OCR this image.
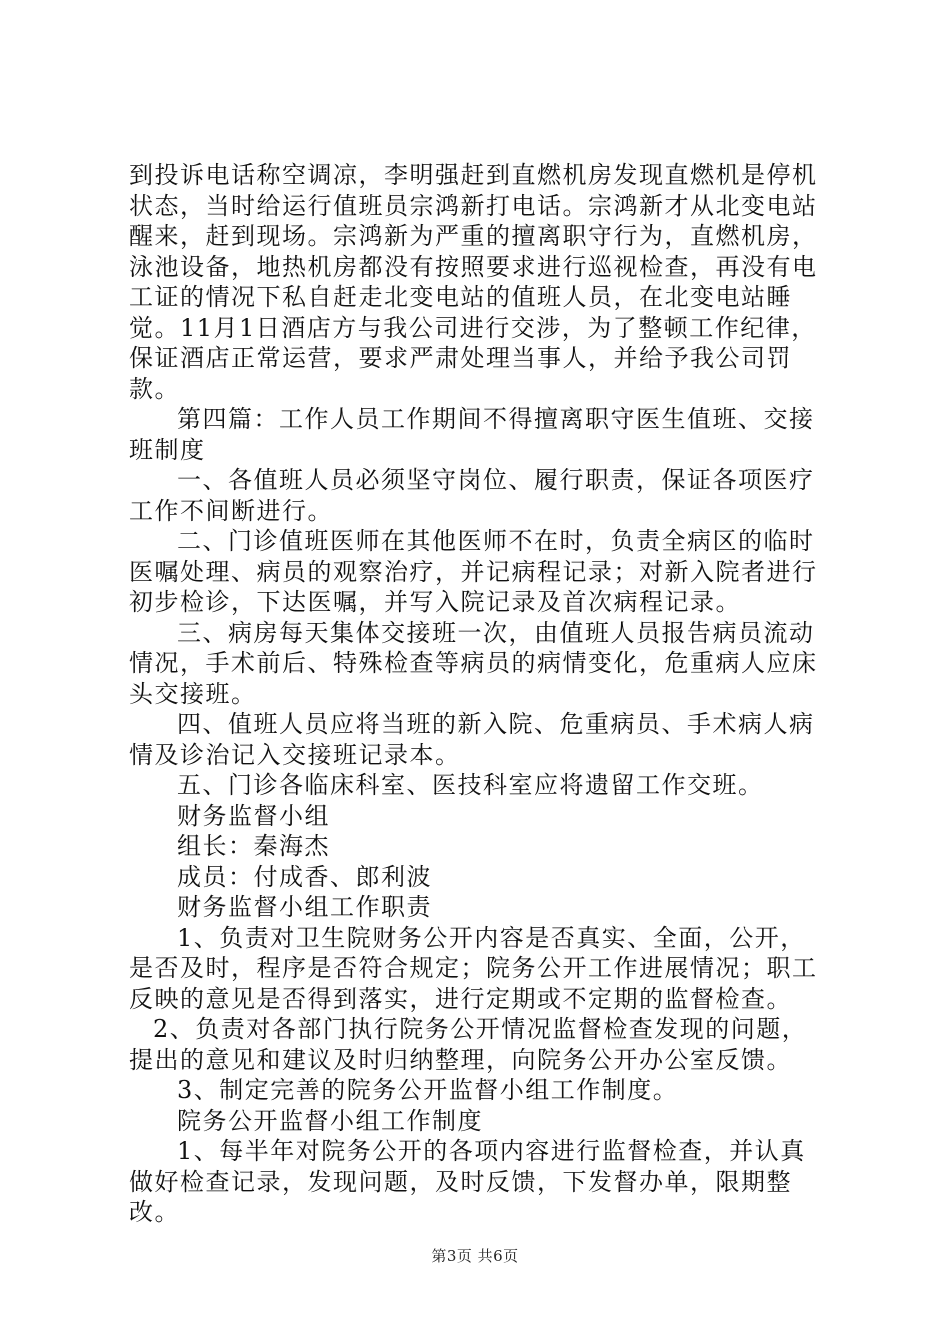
到投诉电话称空调凉，李明强赶到直燃机房发现直燃机是停机状态，当时给运行值班员宗鸿新打电话。宗鸿新才从北变电站醒来，赶到现场。宗鸿新为严重的擅离职守行为，直燃机房，泳池设备，地热机房都没有按照要求进行巡视检查，再没有电工证的情况下私自赶走北变电站的值班人员，在北变电站睡觉。11月1日酒店方与我公司进行交涉，为了整顿工作纪律，保证酒店正常运营，要求严肃处理当事人，并给予我公司罚款。

第四篇：工作人员工作期间不得擅离职守医生值班、交接班制度

一、各值班人员必须坚守岗位、履行职责，保证各项医疗工作不间断进行。

二、门诊值班医师在其他医师不在时，负责全病区的临时医嘱处理、病员的观察治疗，并记病程记录；对新入院者进行初步检诊，下达医嘱，并写入院记录及首次病程记录。

三、病房每天集体交接班一次，由值班人员报告病员流动情况，手术前后、特殊检查等病员的病情变化，危重病人应床头交接班。

四、值班人员应将当班的新入院、危重病员、手术病人病情及诊治记入交接班记录本。

五、门诊各临床科室、医技科室应将遗留工作交班。

财务监督小组

组长：秦海杰

成员：付成香、郎利波

财务监督小组工作职责

1、负责对卫生院财务公开内容是否真实、全面，公开，是否及时，程序是否符合规定；院务公开工作进展情况；职工反映的意见是否得到落实，进行定期或不定期的监督检查。

2、负责对各部门执行院务公开情况监督检查发现的问题，提出的意见和建议及时归纳整理，向院务公开办公室反馈。

3、制定完善的院务公开监督小组工作制度。

院务公开监督小组工作制度

1、每半年对院务公开的各项内容进行监督检查，并认真做好检查记录，发现问题，及时反馈，下发督办单，限期整改。

第3页 共6页
